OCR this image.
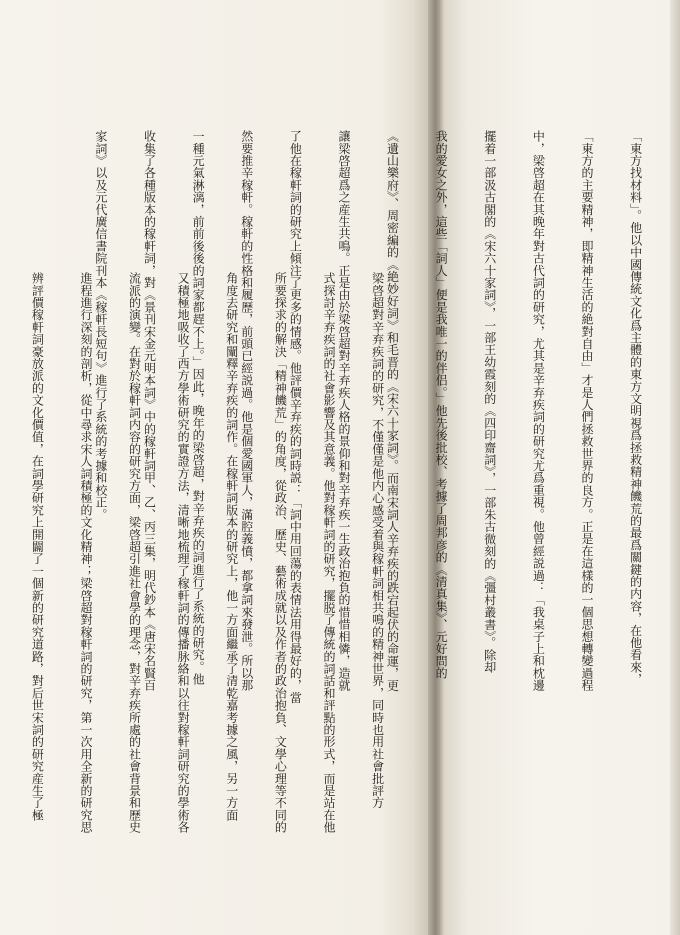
梁啓超對辛弃疾詞的研究，不僅僅是他内心感受着與稼軒詞相共鳴的精神世界，同時也用社會批評方

式探討辛弃疾詞的社會影響及其意義。他對稼軒詞的研究，擺脱了傳統的詞話和評點的形式，而是站在他

所要探求的解決「精神饑荒」的角度，從政治、歷史、藝術成就以及作者的政治抱負、文學心理等不同的

角度去研究和闡釋辛弃疾的詞作。在稼軒詞版本的研究上，他一方面繼承了清乾嘉考據之風，另一方面

又積極地吸收了西方學術研究的實證方法，清晰地梳理了稼軒詞的傳播脉絡和以往對稼軒詞研究的學術各

流派的演變。在對於稼軒詞内容的研究方面，梁啓超引進社會學的理念，對辛弃疾所處的社會背景和歷史

進程進行深刻的剖析，從中尋求宋人詞積極的文化精神；梁啓超對稼軒詞的研究，第一次用全新的研究思

辨評價稼軒詞豪放派的文化價值，在詞學研究上開闢了一個新的研究道路，對后世宋詞的研究産生了極

	「東方找材料」。他以中國傳統文化爲主體的東方文明視爲拯救精神饑荒的最爲關鍵的内容，在他看來，

「東方的主要精神，即精神生活的絶對自由」才是人們拯救世界的良方。正是在這樣的一個思想轉變過程

中，梁啓超在其晚年對古代詞的研究，尤其是辛弃疾詞的研究尤爲重視。他曾經説過：「我桌子上和枕邊

擺着一部汲古閣的《宋六十家詞》，一部王幼霞刻的《四印齋詞》，一部朱古微刻的《彊村叢書》。除却

我的愛女之外，這些「詞人」便是我唯一的伴侣。」他先後批校、考據了周邦彦的《清真集》、元好問的

《遺山樂府》、周密編的《絶妙好詞》和毛晋的《宋六十家詞》。而南宋詞人辛弃疾的跌宕起伏的命運，更

讓梁啓超爲之産生共鳴。正是由於梁啓超對辛弃疾人格的景仰和對辛弃疾一生政治抱負的惜惜相憐，造就

了他在稼軒詞的研究上傾注了更多的情感。他評價辛弃疾的詞時説：「詞中用回蕩的表情法用得最好的，當

然要推辛稼軒。稼軒的性格和履歷，前頭已經説過。他是個愛國軍人，滿腔義憤，都拿詞來發泄。所以那

一種元氣淋漓，前前後後的詞家都趕不上。」因此，晚年的梁啓超，對辛弃疾的詞進行了系統的研究。他

收集了各種版本的稼軒詞，對《景刊宋金元明本詞》中的稼軒詞甲、乙、丙三集，明代鈔本《唐宋名賢百

家詞》以及元代廣信書院刊本《稼軒長短句》進行了系統的考據和校正。
